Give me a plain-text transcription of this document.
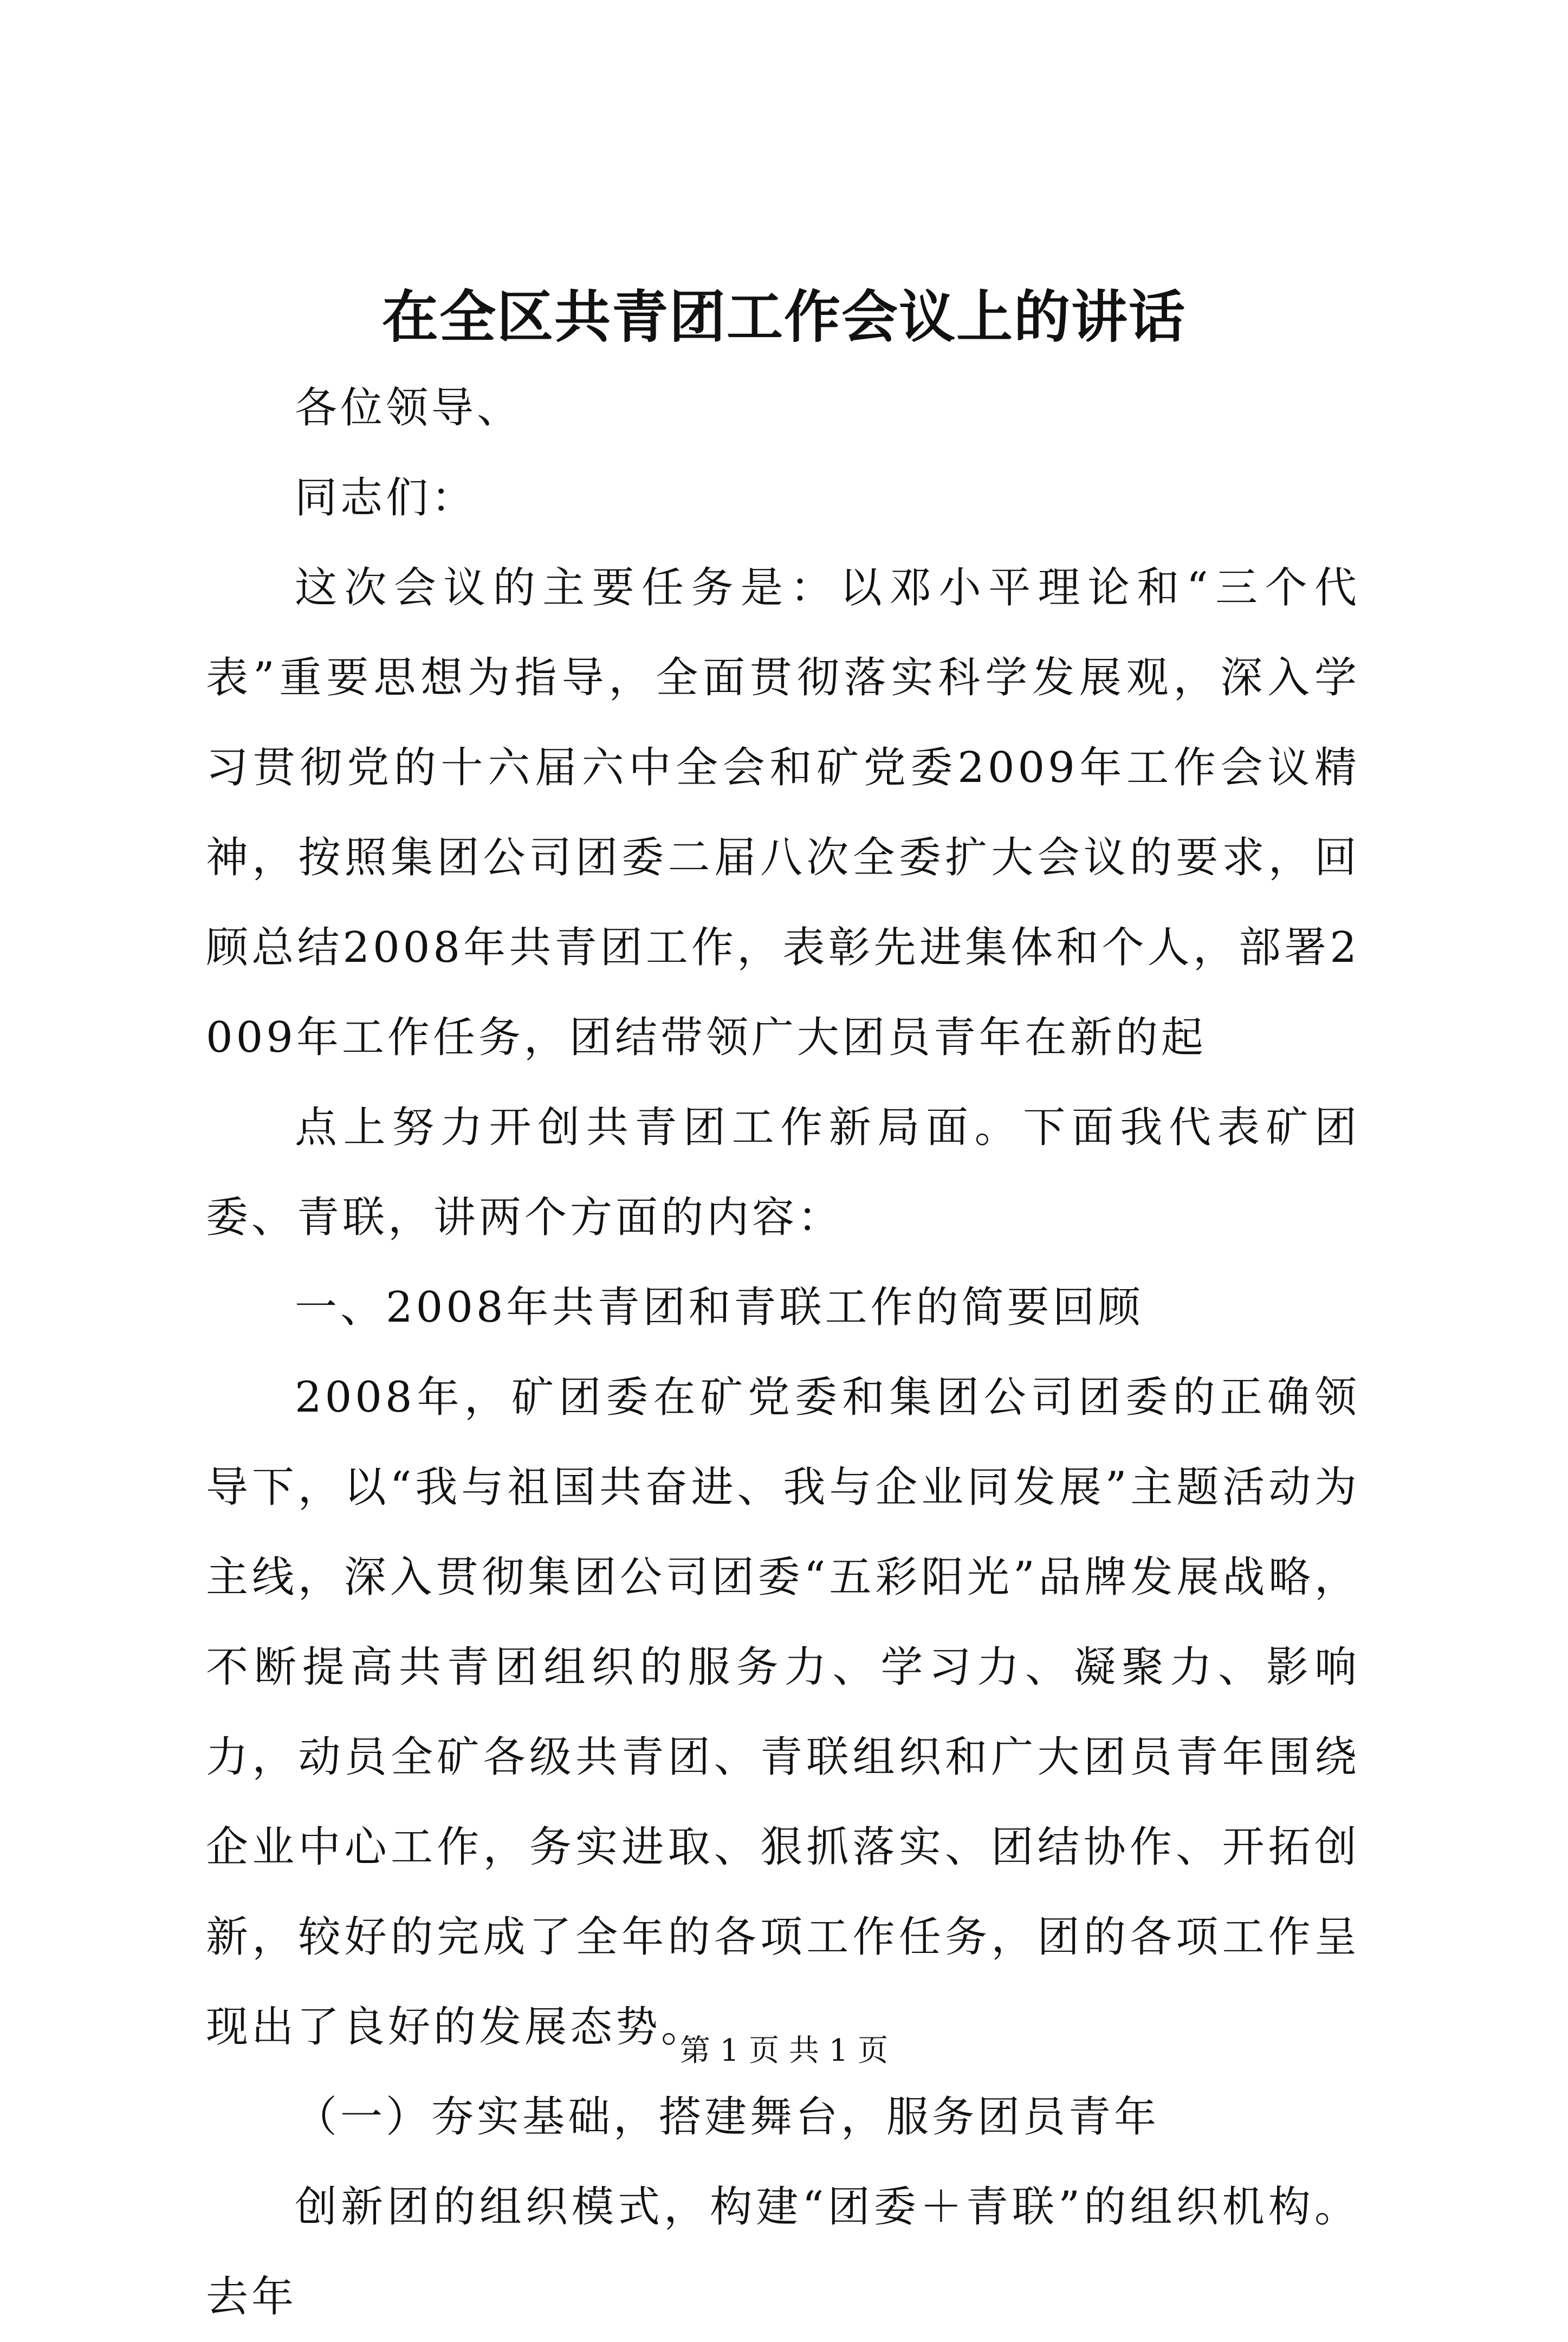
在全区共青团工作会议上的讲话

各位领导、

同志们：

这次会议的主要任务是：以邓小平理论和“三个代表”重要思想为指导，全面贯彻落实科学发展观，深入学习贯彻党的十六届六中全会和矿党委2009年工作会议精神，按照集团公司团委二届八次全委扩大会议的要求，回顾总结2008年共青团工作，表彰先进集体和个人，部署2009年工作任务，团结带领广大团员青年在新的起

点上努力开创共青团工作新局面。下面我代表矿团委、青联，讲两个方面的内容：

一、2008年共青团和青联工作的简要回顾

2008年，矿团委在矿党委和集团公司团委的正确领导下，以“我与祖国共奋进、我与企业同发展”主题活动为主线，深入贯彻集团公司团委“五彩阳光”品牌发展战略，不断提高共青团组织的服务力、学习力、凝聚力、影响力，动员全矿各级共青团、青联组织和广大团员青年围绕企业中心工作，务实进取、狠抓落实、团结协作、开拓创新，较好的完成了全年的各项工作任务，团的各项工作呈现出了良好的发展态势。

（一）夯实基础，搭建舞台，服务团员青年

创新团的组织模式，构建“团委＋青联”的组织机构。去年

第 1 页 共 1 页
